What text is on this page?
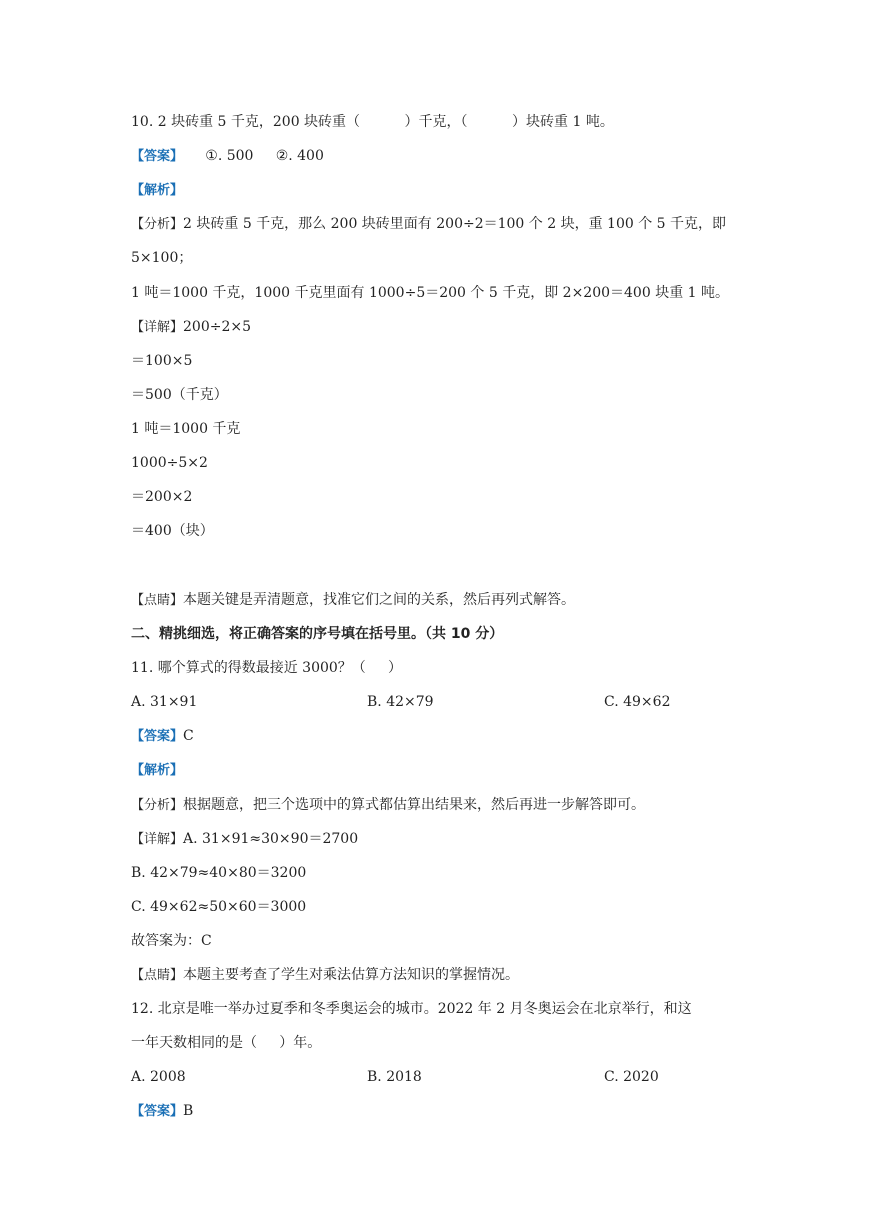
10. 2 块砖重 5 千克，200 块砖重（          ）千克，（          ）块砖重 1 吨。
【答案】     ①. 500     ②. 400
【解析】
【分析】2 块砖重 5 千克，那么 200 块砖里面有 200÷2＝100 个 2 块，重 100 个 5 千克，即
5×100；
1 吨＝1000 千克，1000 千克里面有 1000÷5＝200 个 5 千克，即 2×200＝400 块重 1 吨。
【详解】200÷2×5
＝100×5
＝500（千克）
1 吨＝1000 千克
1000÷5×2
＝200×2
＝400（块）
【点睛】本题关键是弄清题意，找准它们之间的关系，然后再列式解答。
二、精挑细选，将正确答案的序号填在括号里。（共 10 分）
11. 哪个算式的得数最接近 3000？（     ）
A. 31×91	B. 42×79	C. 49×62
【答案】C
【解析】
【分析】根据题意，把三个选项中的算式都估算出结果来，然后再进一步解答即可。
【详解】A. 31×91≈30×90＝2700
B. 42×79≈40×80＝3200
C. 49×62≈50×60＝3000
故答案为：C
【点睛】本题主要考查了学生对乘法估算方法知识的掌握情况。
12. 北京是唯一举办过夏季和冬季奥运会的城市。2022 年 2 月冬奥运会在北京举行，和这
一年天数相同的是（     ）年。
A. 2008	B. 2018	C. 2020
【答案】B
